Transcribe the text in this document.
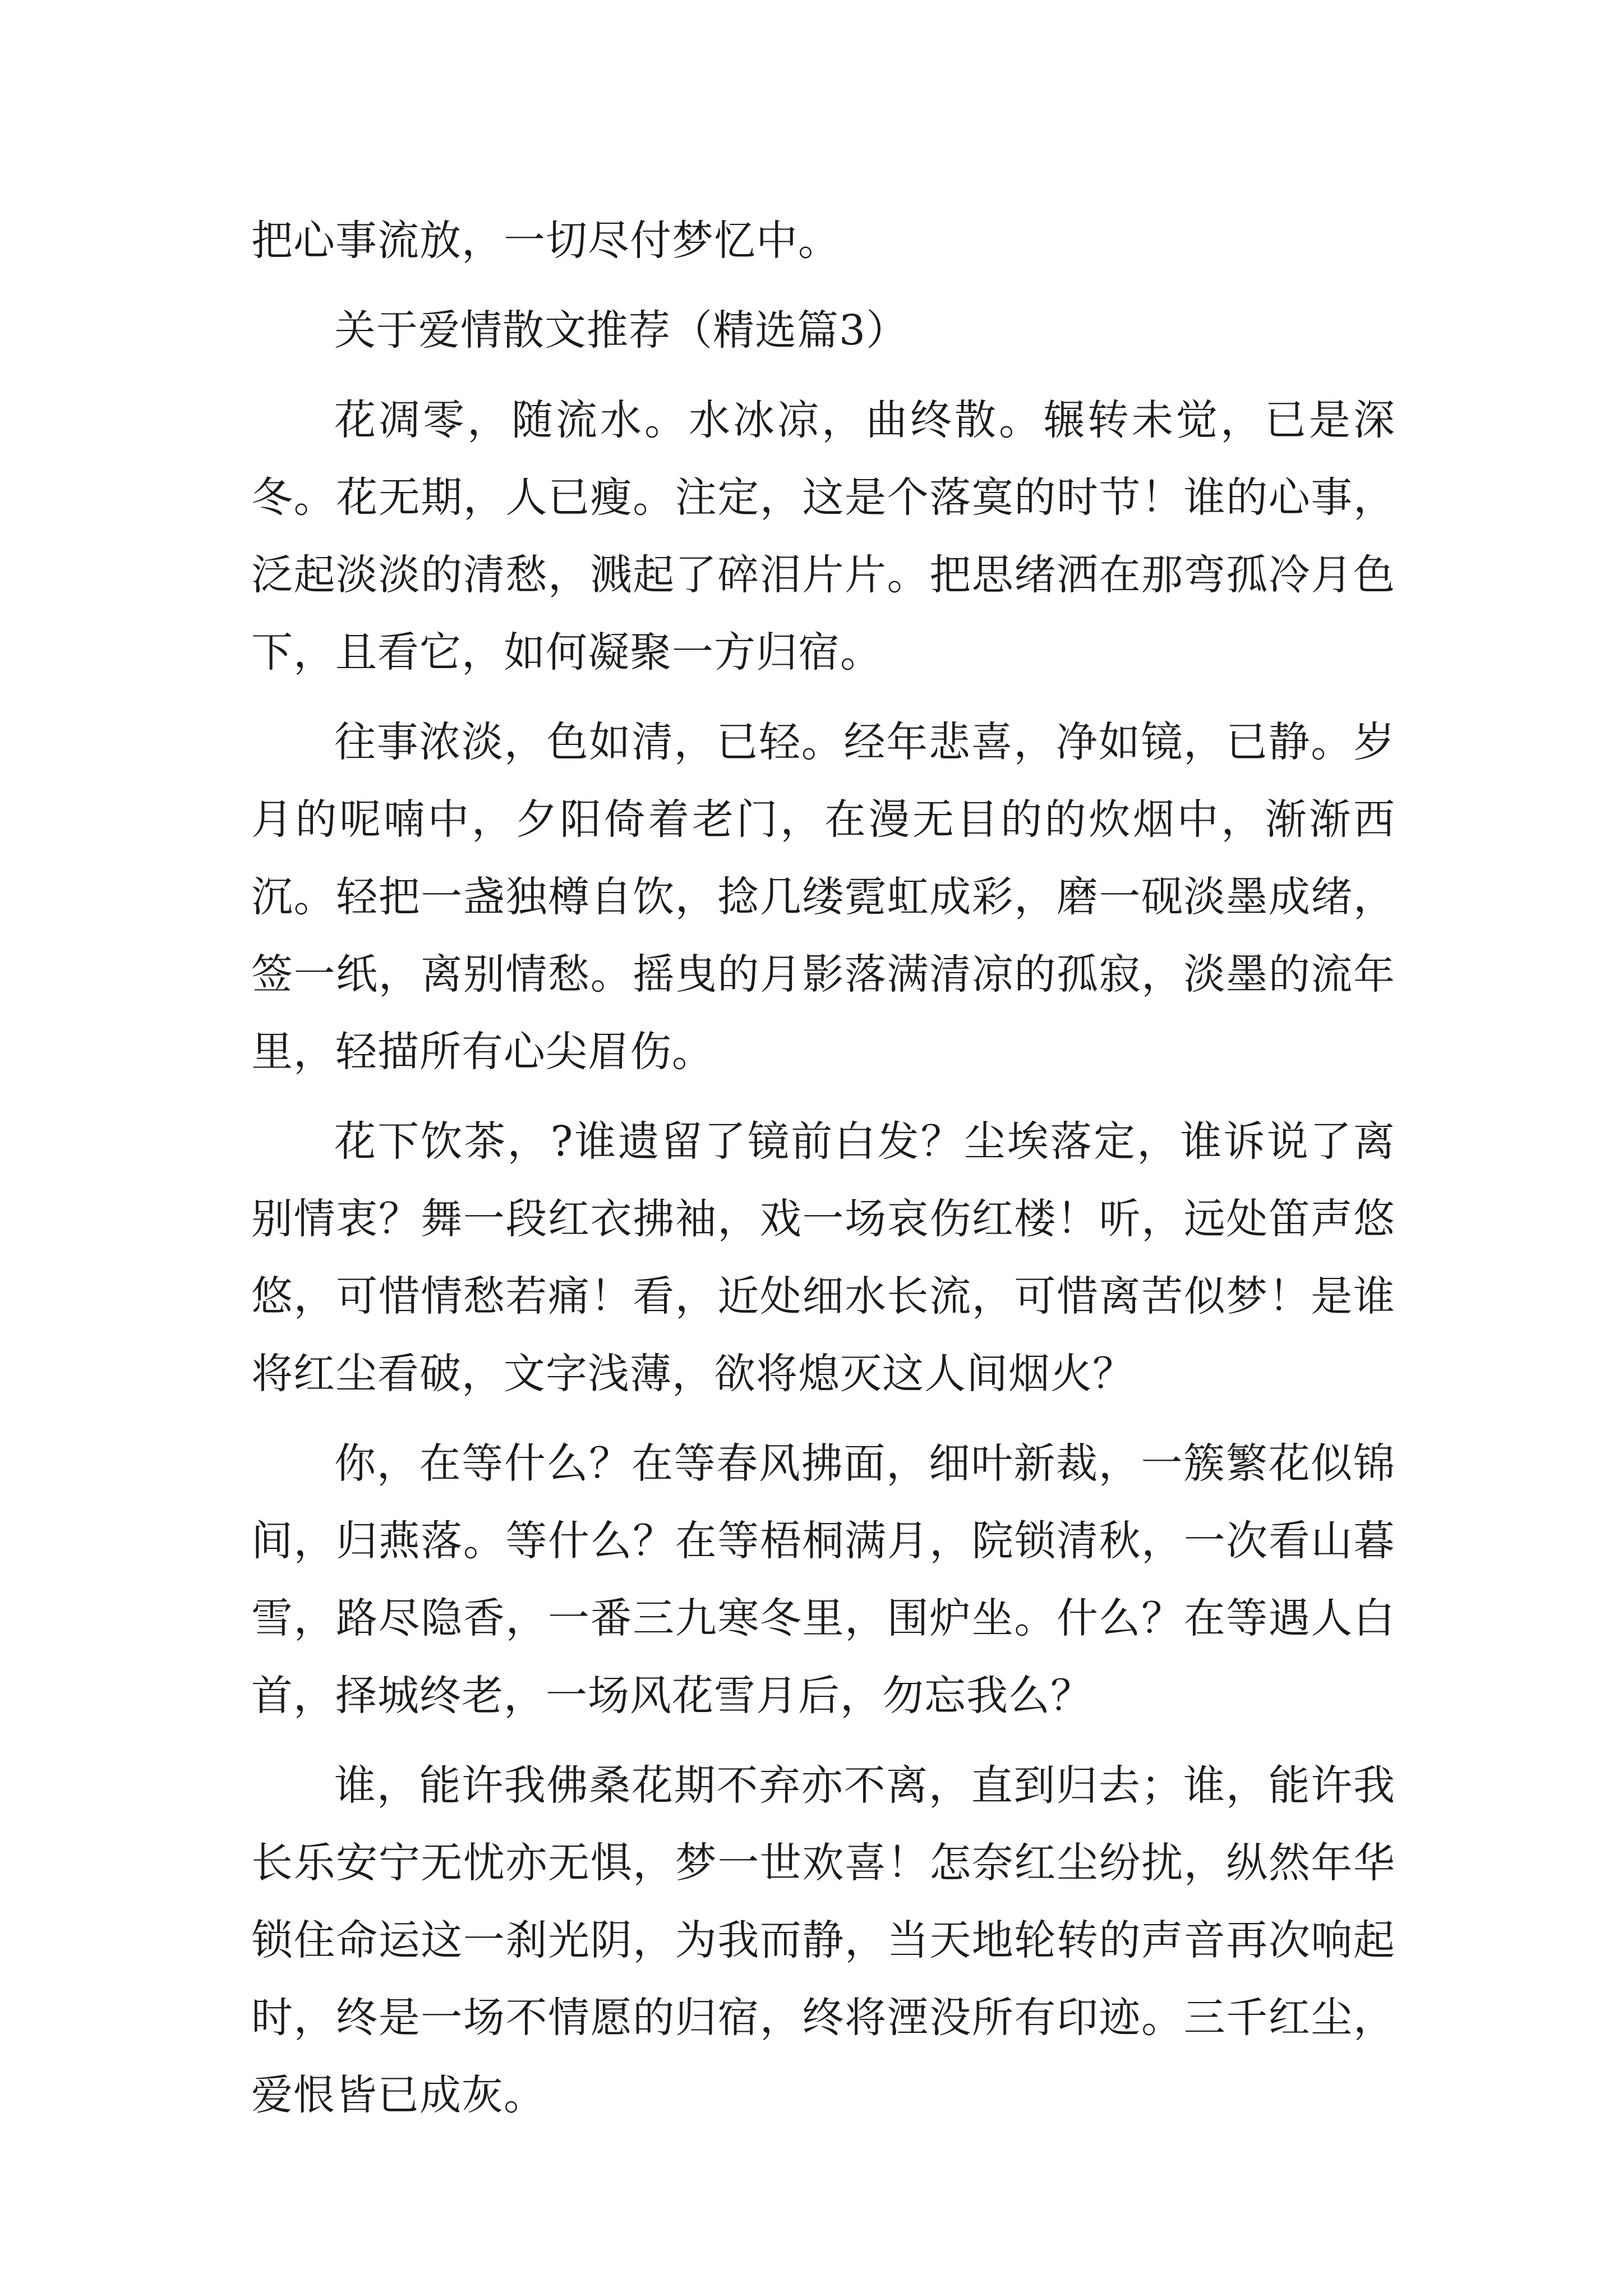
把心事流放，一切尽付梦忆中。

关于爱情散文推荐（精选篇3）

花凋零，随流水。水冰凉，曲终散。辗转未觉，已是深冬。花无期，人已瘦。注定，这是个落寞的时节！谁的心事，泛起淡淡的清愁，溅起了碎泪片片。把思绪洒在那弯孤冷月色下，且看它，如何凝聚一方归宿。

往事浓淡，色如清，已轻。经年悲喜，净如镜，已静。岁月的呢喃中，夕阳倚着老门，在漫无目的的炊烟中，渐渐西沉。轻把一盏独樽自饮，捻几缕霓虹成彩，磨一砚淡墨成绪，签一纸，离别情愁。摇曳的月影落满清凉的孤寂，淡墨的流年里，轻描所有心尖眉伤。

花下饮茶，?谁遗留了镜前白发？尘埃落定，谁诉说了离别情衷？舞一段红衣拂袖，戏一场哀伤红楼！听，远处笛声悠悠，可惜情愁若痛！看，近处细水长流，可惜离苦似梦！是谁将红尘看破，文字浅薄，欲将熄灭这人间烟火？

你，在等什么？在等春风拂面，细叶新裁，一簇繁花似锦间，归燕落。等什么？在等梧桐满月，院锁清秋，一次看山暮雪，路尽隐香，一番三九寒冬里，围炉坐。什么？在等遇人白首，择城终老，一场风花雪月后，勿忘我么？

谁，能许我佛桑花期不弃亦不离，直到归去；谁，能许我长乐安宁无忧亦无惧，梦一世欢喜！怎奈红尘纷扰，纵然年华锁住命运这一刹光阴，为我而静，当天地轮转的声音再次响起时，终是一场不情愿的归宿，终将湮没所有印迹。三千红尘，爱恨皆已成灰。
